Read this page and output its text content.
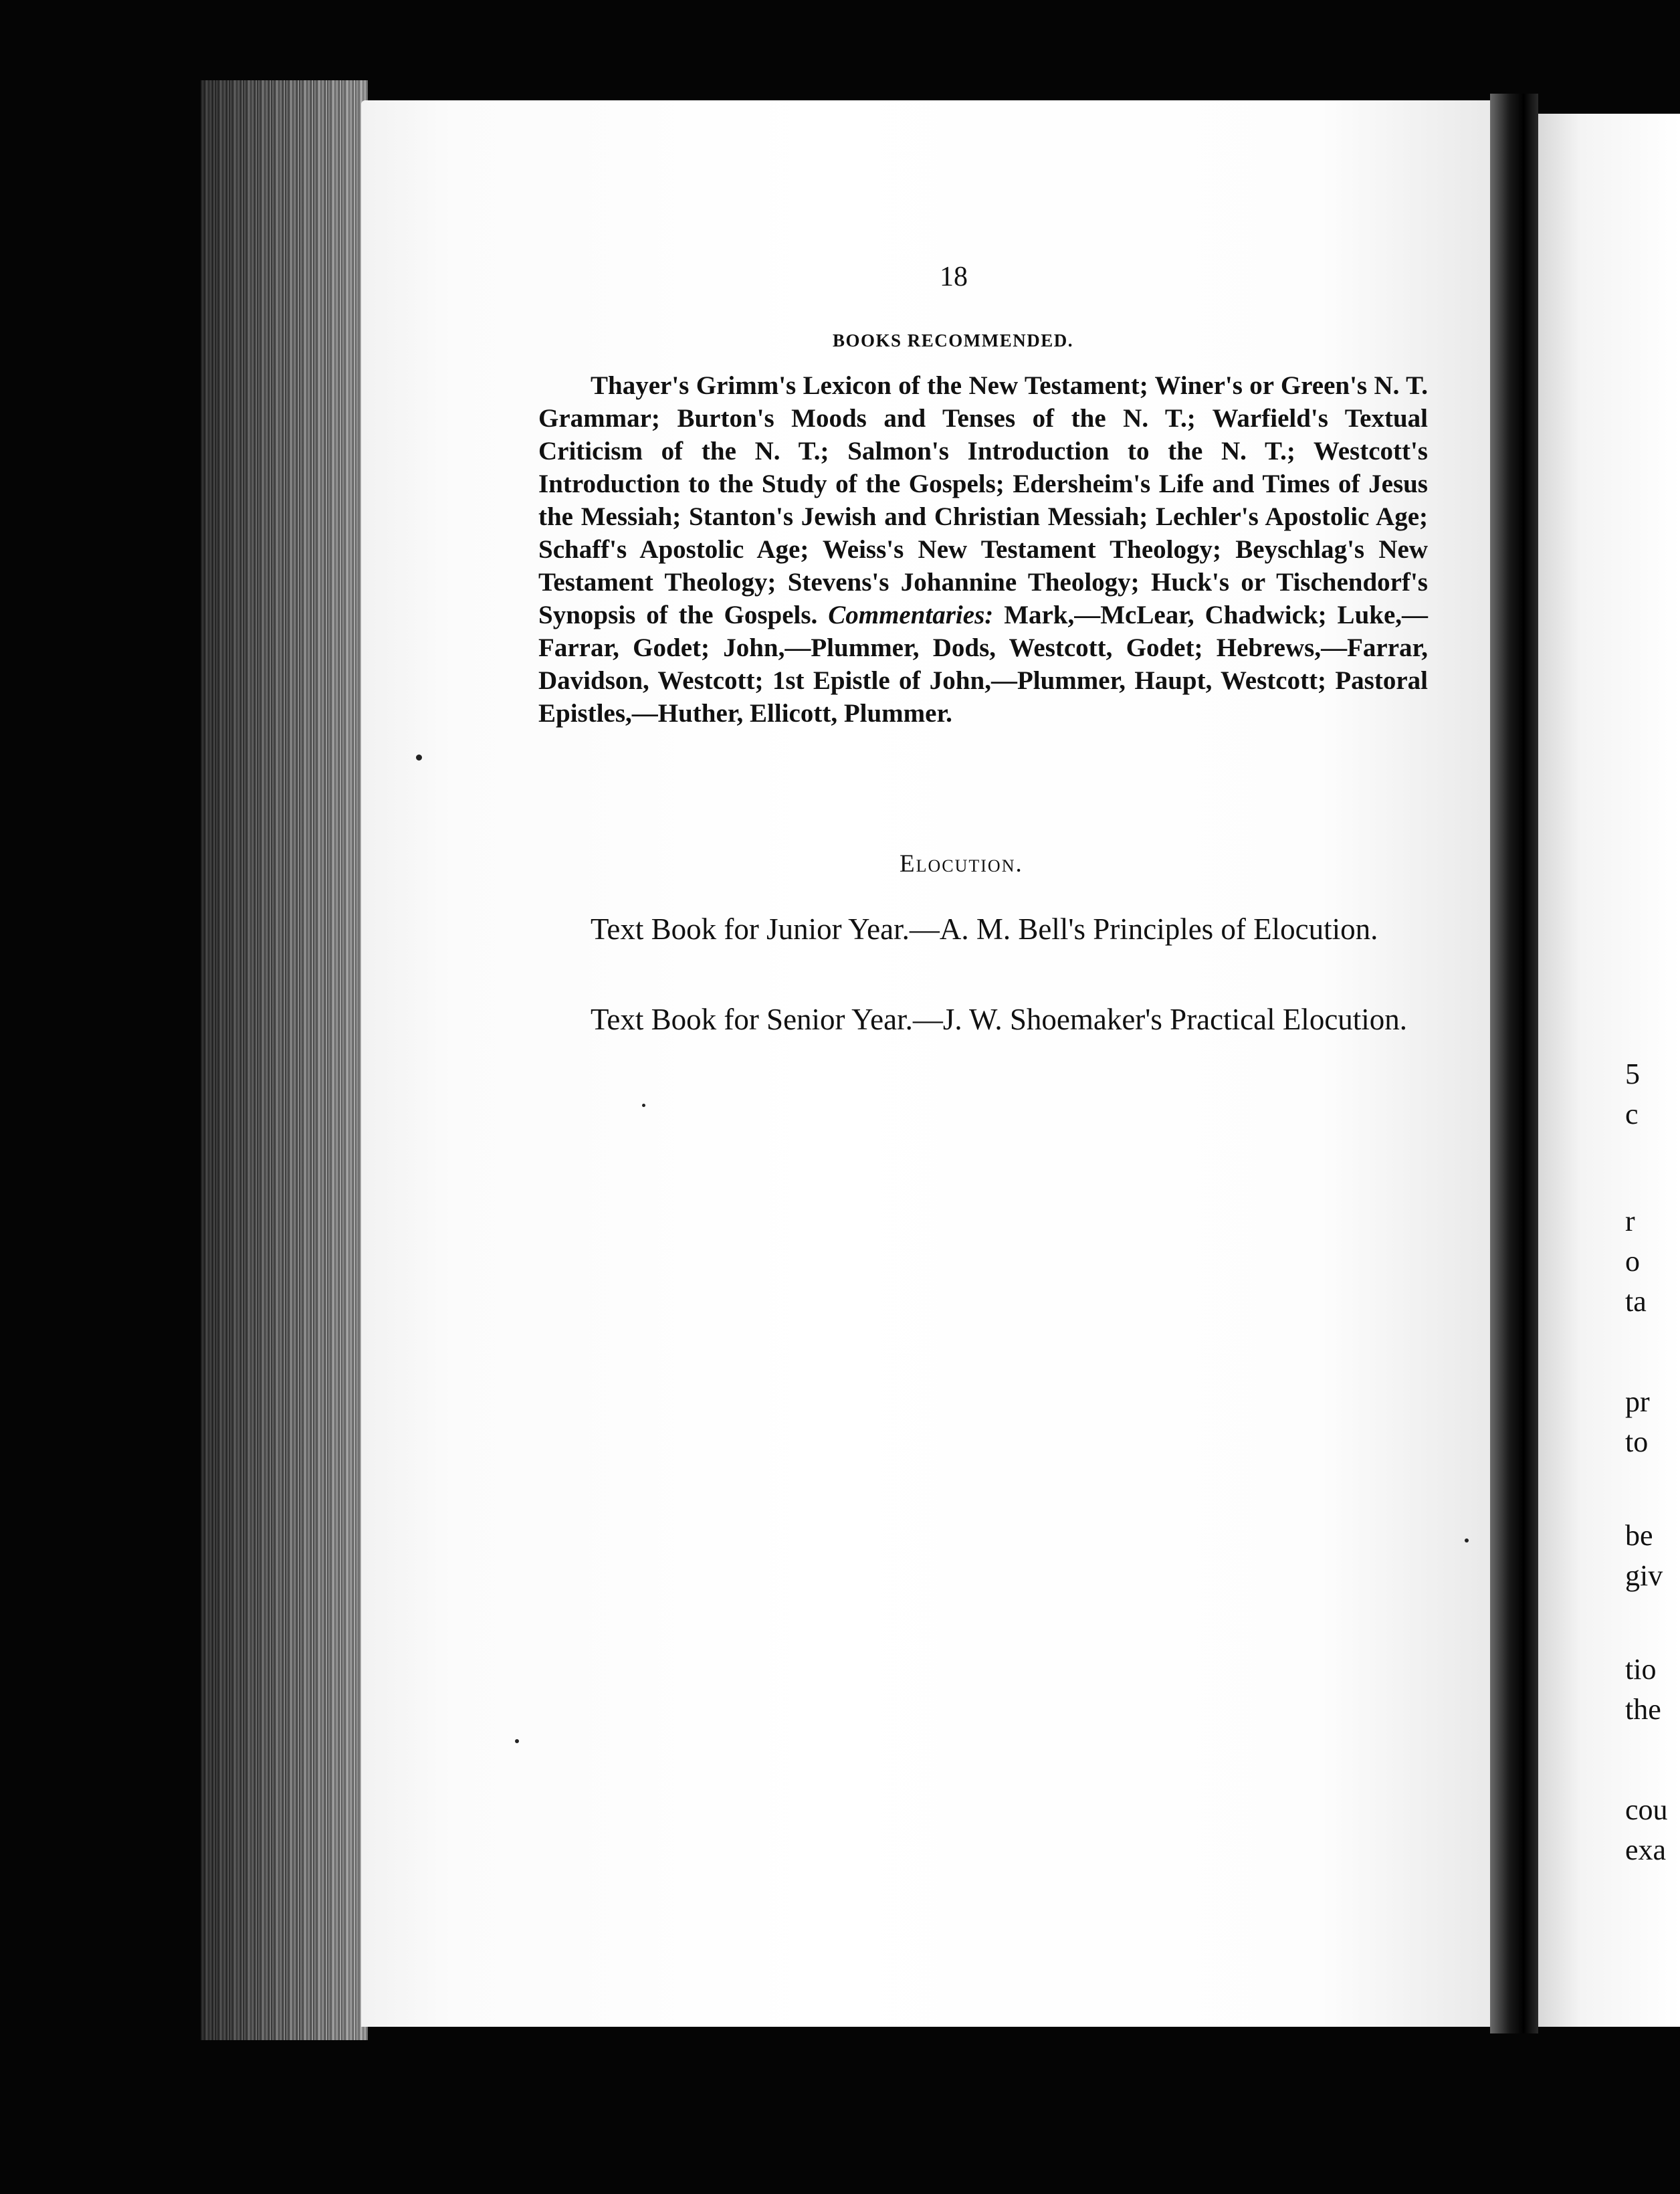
18
BOOKS RECOMMENDED.

Thayer's Grimm's Lexicon of the New Testament; Winer's or Green's N. T. Grammar; Burton's Moods and Tenses of the N. T.; Warfield's Textual Criticism of the N. T.; Salmon's Introduction to the N. T.; Westcott's Introduction to the Study of the Gospels; Edersheim's Life and Times of Jesus the Messiah; Stanton's Jewish and Christian Messiah; Lechler's Apostolic Age; Schaff's Apostolic Age; Weiss's New Testament Theology; Beyschlag's New Testament Theology; Stevens's Johannine Theology; Huck's or Tischendorf's Synopsis of the Gospels. Commentaries: Mark,—McLear, Chadwick; Luke,—Farrar, Godet; John,—Plummer, Dods, Westcott, Godet; Hebrews,—Farrar, Davidson, Westcott; 1st Epistle of John,—Plummer, Haupt, Westcott; Pastoral Epistles,—Huther, Ellicott, Plummer.

Elocution.

Text Book for Junior Year.—A. M. Bell's Principles of Elocution.

Text Book for Senior Year.—J. W. Shoemaker's Practical Elocution.

5
c
r
o
ta
pr
to
be
giv
tio
the
cou
exa
